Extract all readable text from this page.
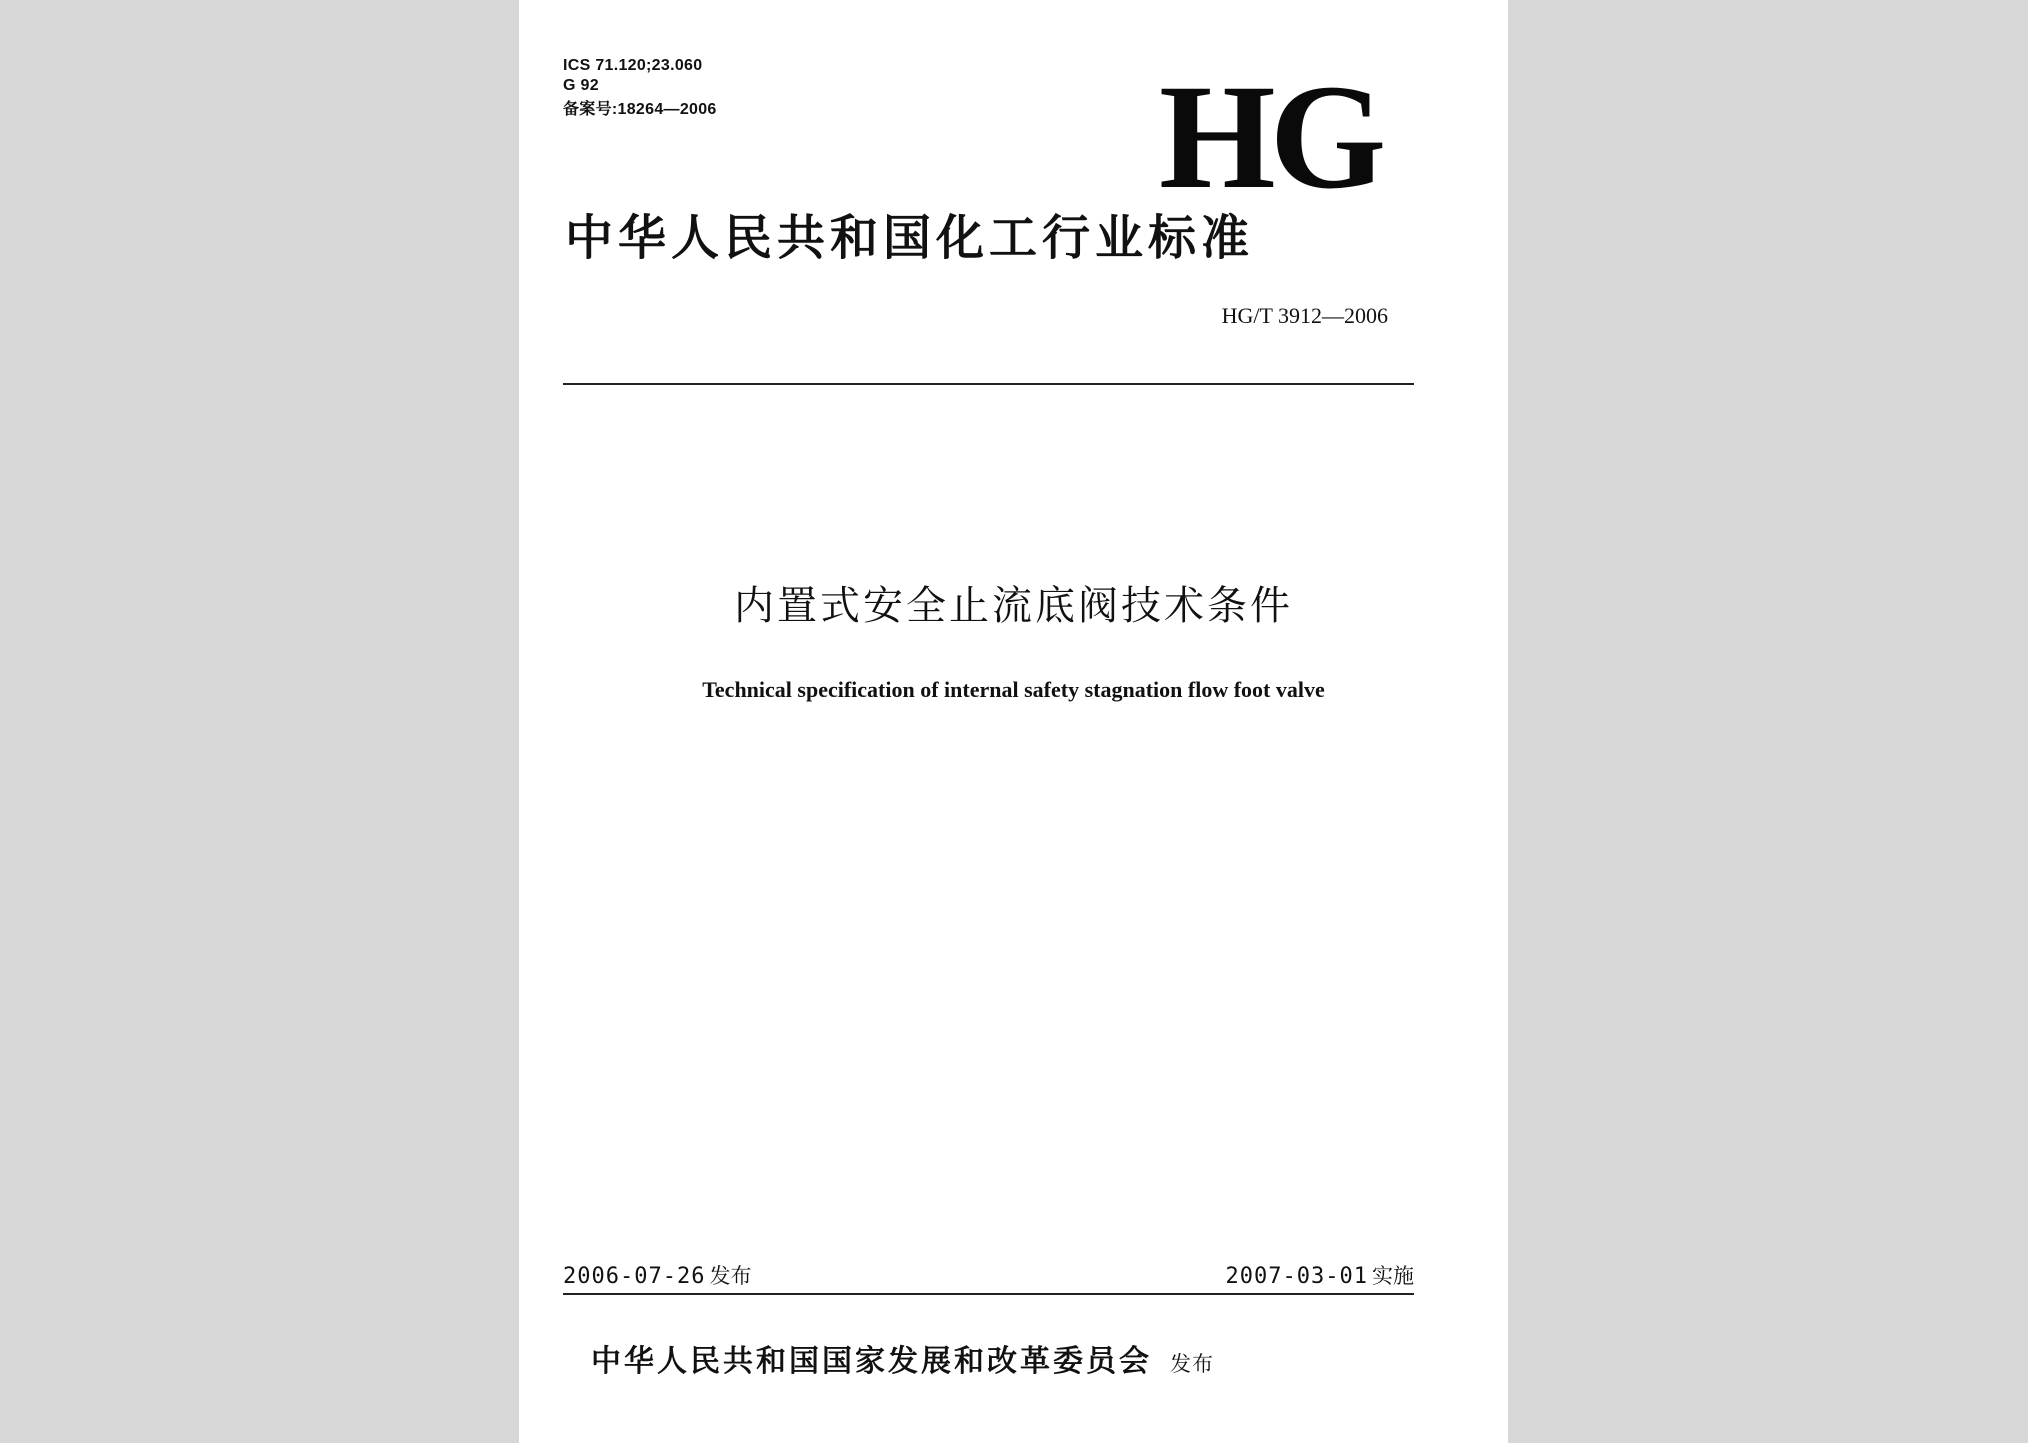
ICS 71.120;23.060
G 92
备案号:18264—2006	HG
中华人民共和国化工行业标准
HG/T 3912—2006
内置式安全止流底阀技术条件
Technical specification of internal safety stagnation flow foot valve
2006-07-26 发布	2007-03-01 实施
中华人民共和国国家发展和改革委员会 发布
